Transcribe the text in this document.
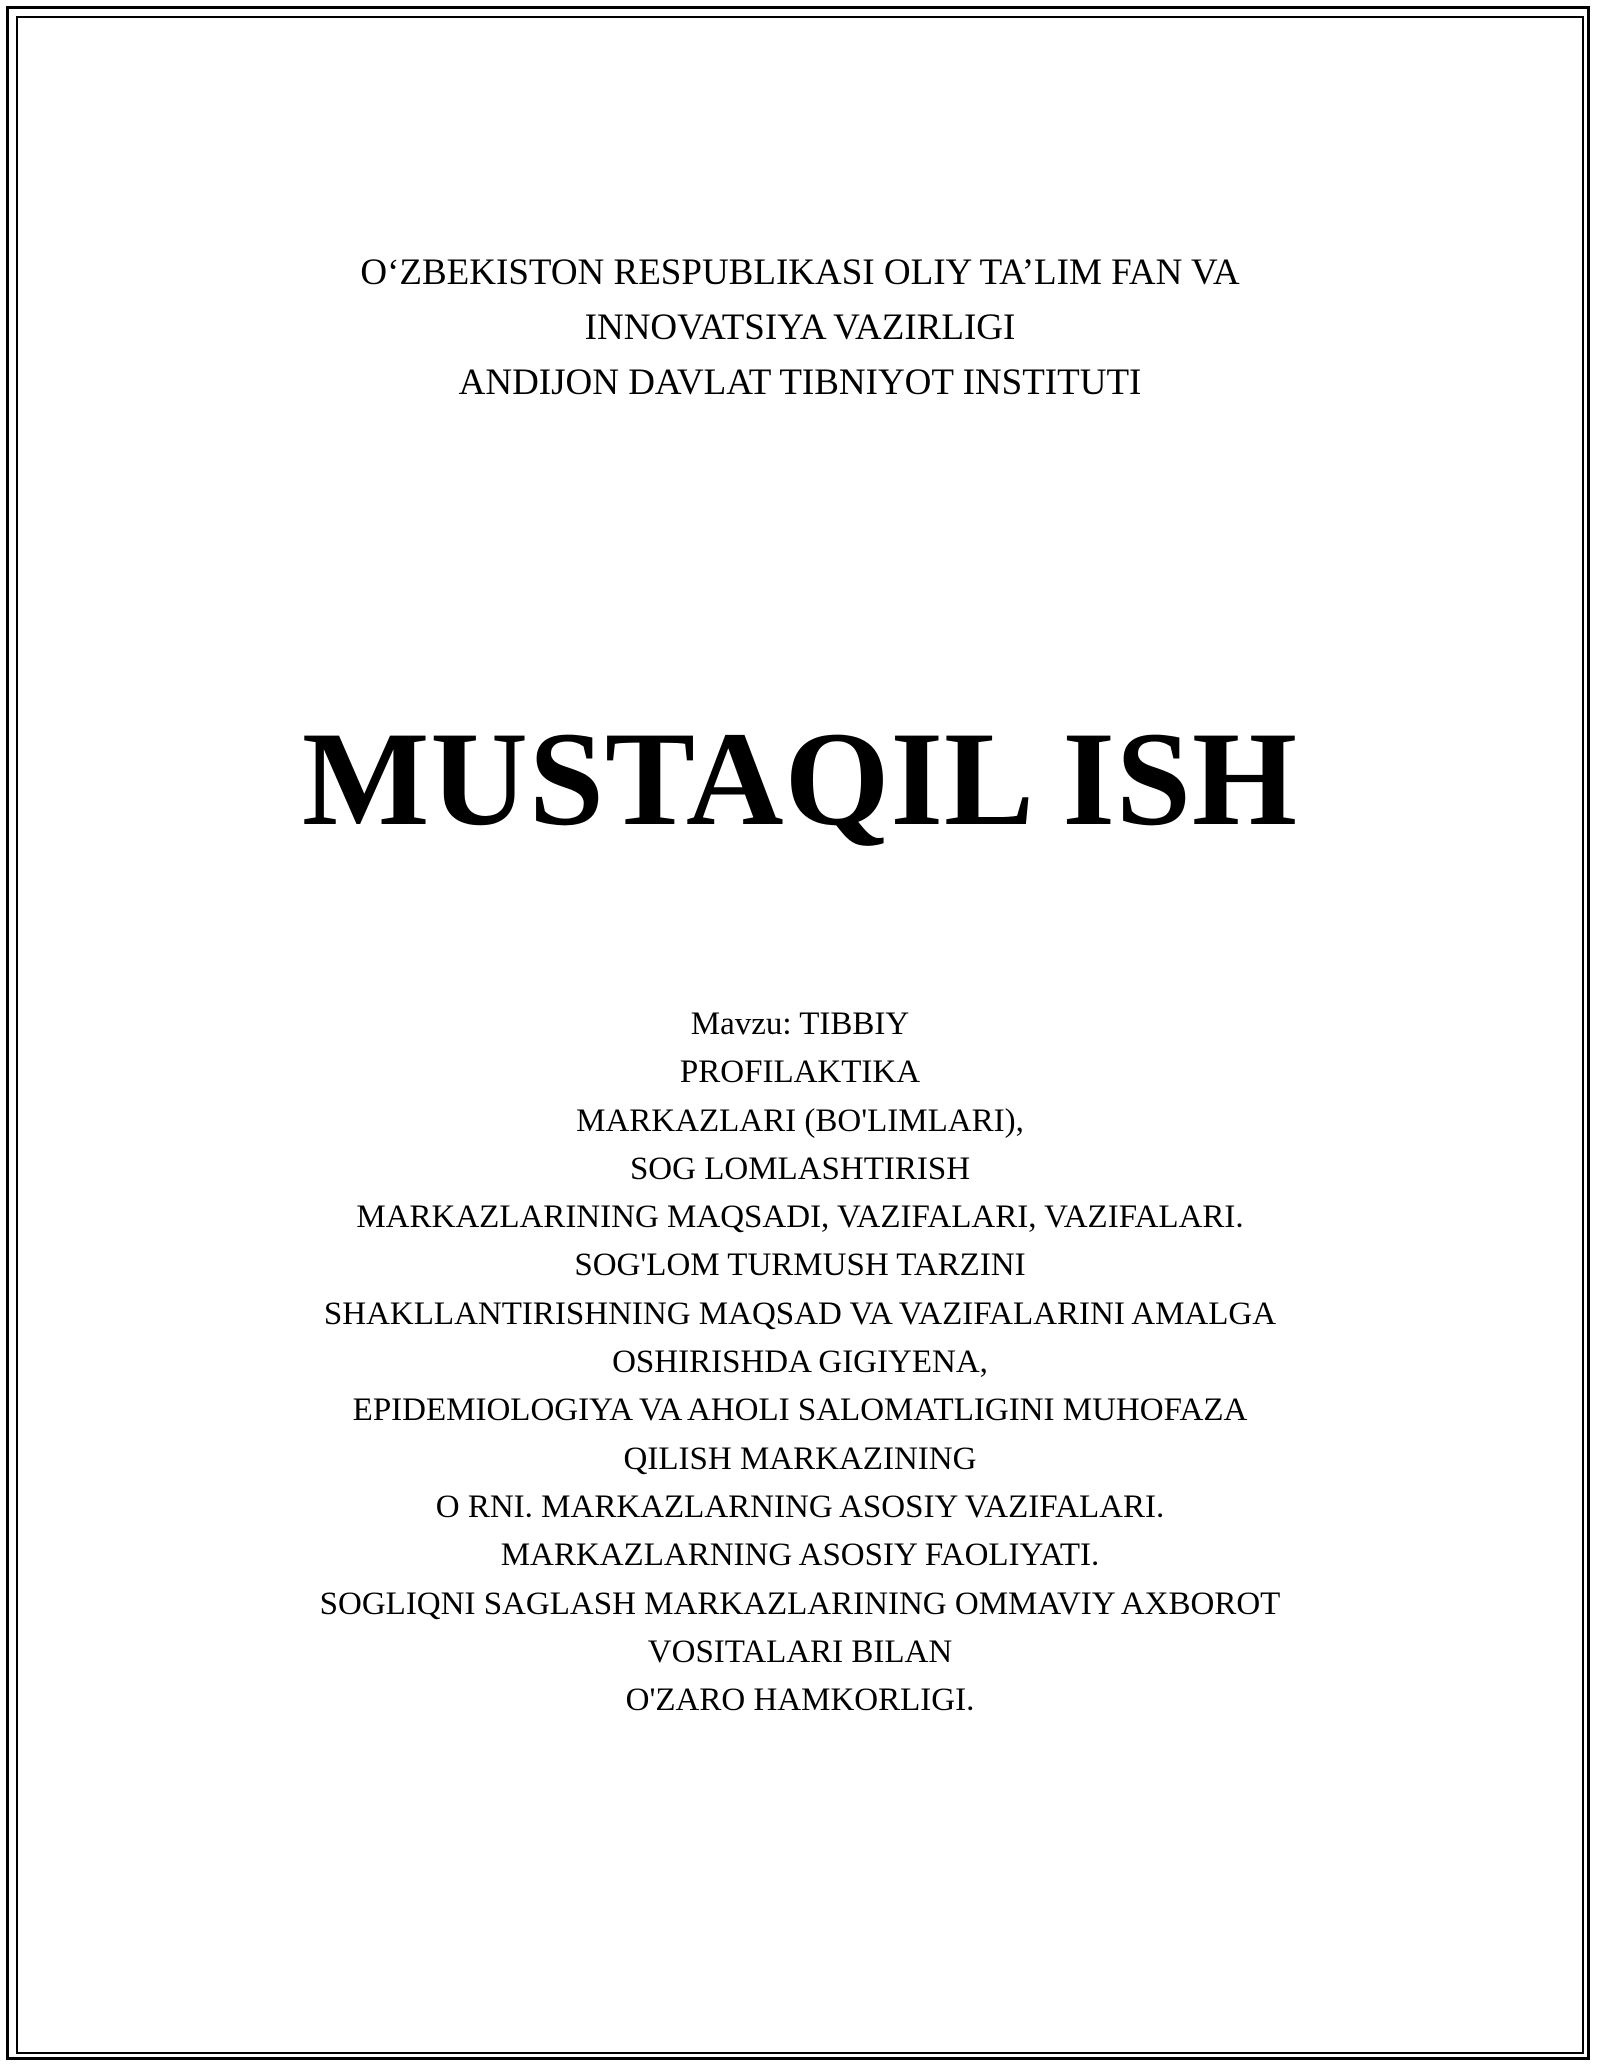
O‘ZBEKISTON RESPUBLIKASI OLIY TA’LIM FAN VA
INNOVATSIYA VAZIRLIGI
ANDIJON DAVLAT TIBNIYOT INSTITUTI
MUSTAQIL ISH
Mavzu: TIBBIY
PROFILAKTIKA
MARKAZLARI (BO'LIMLARI),
SOG LOMLASHTIRISH
MARKAZLARINING MAQSADI, VAZIFALARI, VAZIFALARI.
SOG'LOM TURMUSH TARZINI
SHAKLLANTIRISHNING MAQSAD VA VAZIFALARINI AMALGA
OSHIRISHDA GIGIYENA,
EPIDEMIOLOGIYA VA AHOLI SALOMATLIGINI MUHOFAZA
QILISH MARKAZINING
O RNI. MARKAZLARNING ASOSIY VAZIFALARI.
MARKAZLARNING ASOSIY FAOLIYATI.
SOGLIQNI SAGLASH MARKAZLARINING OMMAVIY AXBOROT
VOSITALARI BILAN
O'ZARO HAMKORLIGI.
